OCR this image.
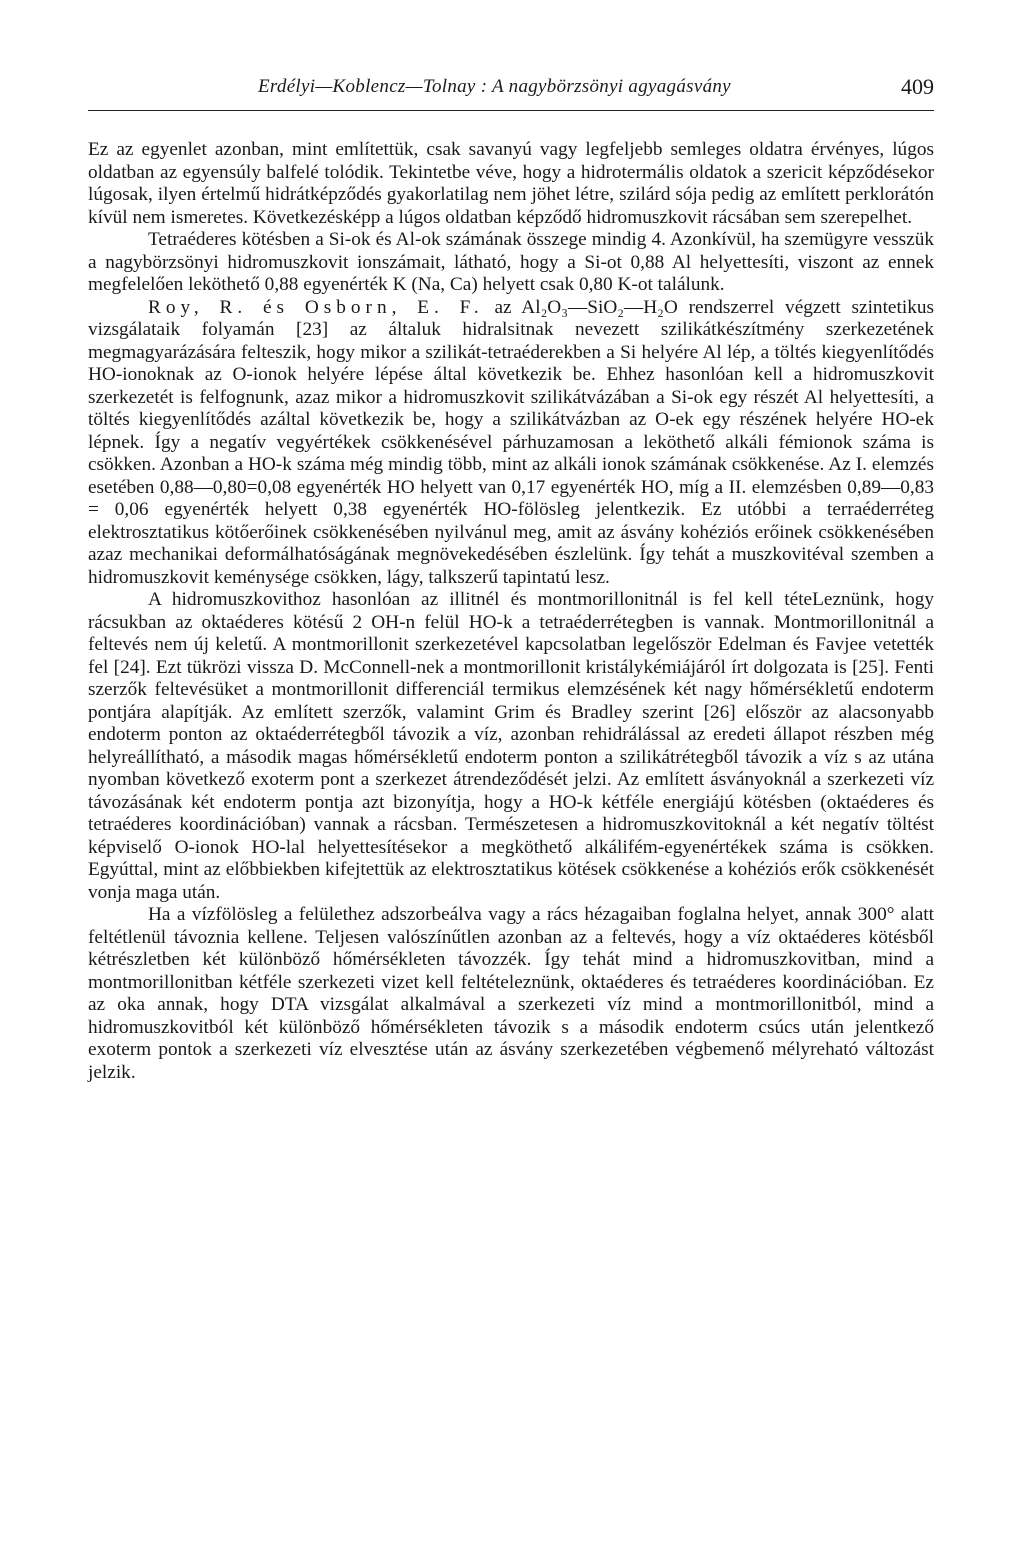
Erdélyi—Koblencz—Tolnay : A nagybörzsönyi agyagásvány	409

Ez az egyenlet azonban, mint említettük, csak savanyú vagy legfeljebb semleges oldatra érvényes, lúgos oldatban az egyensúly balfelé tolódik. Tekintetbe véve, hogy a hidrotermális oldatok a szericit képződésekor lúgosak, ilyen értelmű hidrátképződés gyakorlatilag nem jöhet létre, szilárd sója pedig az említett perklorátón kívül nem ismeretes. Következésképp a lúgos oldatban képződő hidromuszkovit rácsában sem szerepelhet.

Tetraéderes kötésben a Si-ok és Al-ok számának összege mindig 4. Azonkívül, ha szemügyre vesszük a nagybörzsönyi hidromuszkovit ionszámait, látható, hogy a Si-ot 0,88 Al helyettesíti, viszont az ennek megfelelően leköthető 0,88 egyenérték K (Na, Ca) helyett csak 0,80 K-ot találunk.

Roy, R. és Osborn, E. F. az Al₂O₃—SiO₂—H₂O rendszerrel végzett szintetikus vizsgálataik folyamán [23] az általuk hidralsitnak nevezett szilikátkészítmény szerkezetének megmagyarázására felteszik, hogy mikor a szilikát-tetraéderekben a Si helyére Al lép, a töltés kiegyenlítődés HO-ionoknak az O-ionok helyére lépése által következik be. Ehhez hasonlóan kell a hidromuszkovit szerkezetét is felfognunk, azaz mikor a hidromuszkovit szilikátvázában a Si-ok egy részét Al helyettesíti, a töltés kiegyenlítődés azáltal következik be, hogy a szilikátvázban az O-ek egy részének helyére HO-ek lépnek. Így a negatív vegyértékek csökkenésével párhuzamosan a leköthető alkáli fémionok száma is csökken. Azonban a HO-k száma még mindig több, mint az alkáli ionok számának csökkenése. Az I. elemzés esetében 0,88—0,80=0,08 egyenérték HO helyett van 0,17 egyenérték HO, míg a II. elemzésben 0,89—0,83 = 0,06 egyenérték helyett 0,38 egyenérték HO-fölösleg jelentkezik. Ez utóbbi a terraéderréteg elektrosztatikus kötőerőinek csökkenésében nyilvánul meg, amit az ásvány kohéziós erőinek csökkenésében azaz mechanikai deformálhatóságának megnövekedésében észlelünk. Így tehát a muszkovitéval szemben a hidromuszkovit keménysége csökken, lágy, talkszerű tapintatú lesz.

A hidromuszkovithoz hasonlóan az illitnél és montmorillonitnál is fel kell téteLeznünk, hogy rácsukban az oktaéderes kötésű 2 OH-n felül HO-k a tetraéderrétegben is vannak. Montmorillonitnál a feltevés nem új keletű. A montmorillonit szerkezetével kapcsolatban legelőször Edelman és Favjee vetették fel [24]. Ezt tükrözi vissza D. McConnell-nek a montmorillonit kristálykémiájáról írt dolgozata is [25]. Fenti szerzők feltevésüket a montmorillonit differenciál termikus elemzésének két nagy hőmérsékletű endoterm pontjára alapítják. Az említett szerzők, valamint Grim és Bradley szerint [26] először az alacsonyabb endoterm ponton az oktaéderrétegből távozik a víz, azonban rehidrálással az eredeti állapot részben még helyreállítható, a második magas hőmérsékletű endoterm ponton a szilikátrétegből távozik a víz s az utána nyomban következő exoterm pont a szerkezet átrendeződését jelzi. Az említett ásványoknál a szerkezeti víz távozásának két endoterm pontja azt bizonyítja, hogy a HO-k kétféle energiájú kötésben (oktaéderes és tetraéderes koordinációban) vannak a rácsban. Természetesen a hidromuszkovitoknál a két negatív töltést képviselő O-ionok HO-lal helyettesítésekor a megköthető alkálifém-egyenértékek száma is csökken. Egyúttal, mint az előbbiekben kifejtettük az elektrosztatikus kötések csökkenése a kohéziós erők csökkenését vonja maga után.

Ha a vízfölösleg a felülethez adszorbeálva vagy a rács hézagaiban foglalna helyet, annak 300° alatt feltétlenül távoznia kellene. Teljesen valószínűtlen azonban az a feltevés, hogy a víz oktaéderes kötésből kétrészletben két különböző hőmérsékleten távozzék. Így tehát mind a hidromuszkovitban, mind a montmorillonitban kétféle szerkezeti vizet kell feltételeznünk, oktaéderes és tetraéderes koordinációban. Ez az oka annak, hogy DTA vizsgálat alkalmával a szerkezeti víz mind a montmorillonitból, mind a hidromuszkovitból két különböző hőmérsékleten távozik s a második endoterm csúcs után jelentkező exoterm pontok a szerkezeti víz elvesztése után az ásvány szerkezetében végbemenő mélyreható változást jelzik.
